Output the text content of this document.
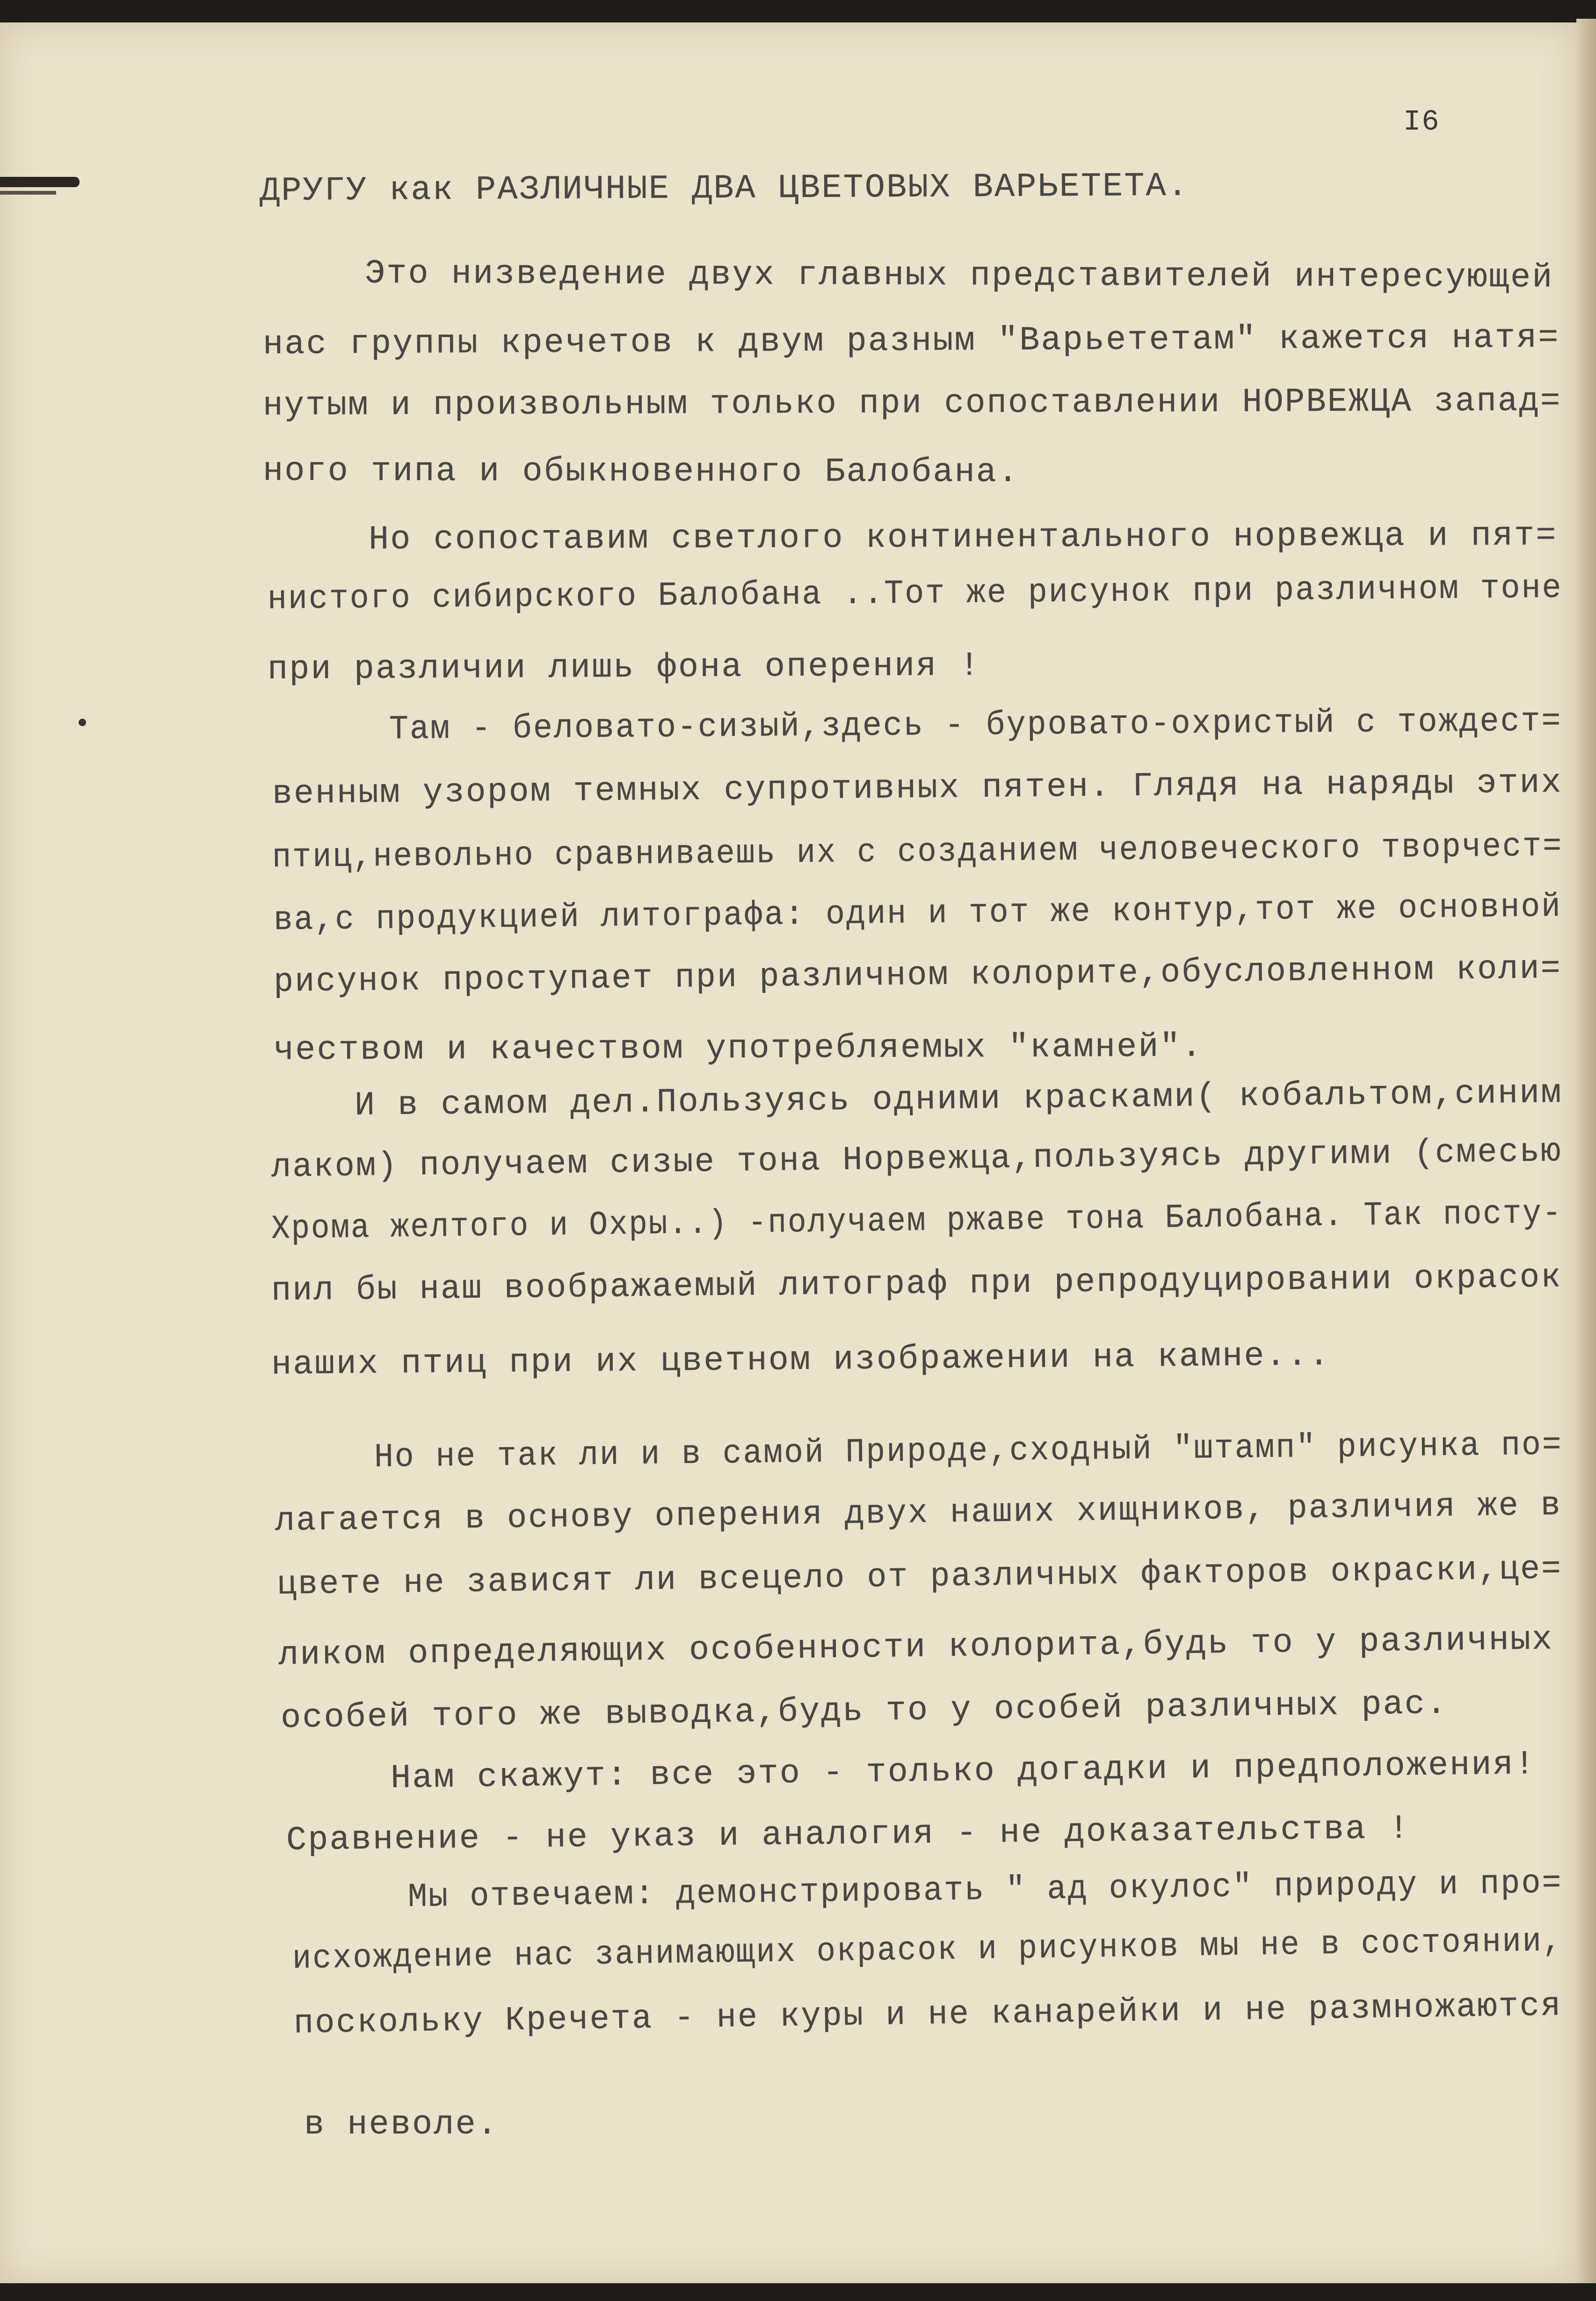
I6
ДРУГУ как РАЗЛИЧНЫЕ ДВА ЦВЕТОВЫХ ВАРЬЕТЕТА.
Это низведение двух главных представителей интересующей
нас группы кречетов к двум разным "Варьететам" кажется натя=
нутым и произвольным только при сопоставлении НОРВЕЖЦА запад=
ного типа и обыкновенного Балобана.
Но сопоставим светлого континентального норвежца и пят=
нистого сибирского Балобана ..Тот же рисунок при различном тоне
при различии лишь фона оперения !
Там - беловато-сизый,здесь - буровато-охристый с тождест=
венным узором темных супротивных пятен. Глядя на наряды этих
птиц,невольно сравниваешь их с созданием человеческого творчест=
ва,с продукцией литографа: один и тот же контур,тот же основной
рисунок проступает при различном колорите,обусловленном коли=
чеством и качеством употребляемых "камней".
И в самом дел.Пользуясь одними красками( кобальтом,синим
лаком) получаем сизые тона Норвежца,пользуясь другими (смесью
Хрома желтого и Охры..) -получаем ржаве тона Балобана. Так посту-
пил бы наш воображаемый литограф при репродуцировании окрасок
наших птиц при их цветном изображении на камне...
Но не так ли и в самой Природе,сходный "штамп" рисунка по=
лагается в основу оперения двух наших хищников, различия же в
цвете не зависят ли всецело от различных факторов окраски,це=
ликом определяющих особенности колорита,будь то у различных
особей того же выводка,будь то у особей различных рас.
Нам скажут: все это - только догадки и предположения!
Сравнение - не указ и аналогия - не доказательства !
Мы отвечаем: демонстрировать " ад окулос" природу и про=
исхождение нас занимающих окрасок и рисунков мы не в состоянии,
поскольку Кречета - не куры и не канарейки и не размножаются
в неволе.
